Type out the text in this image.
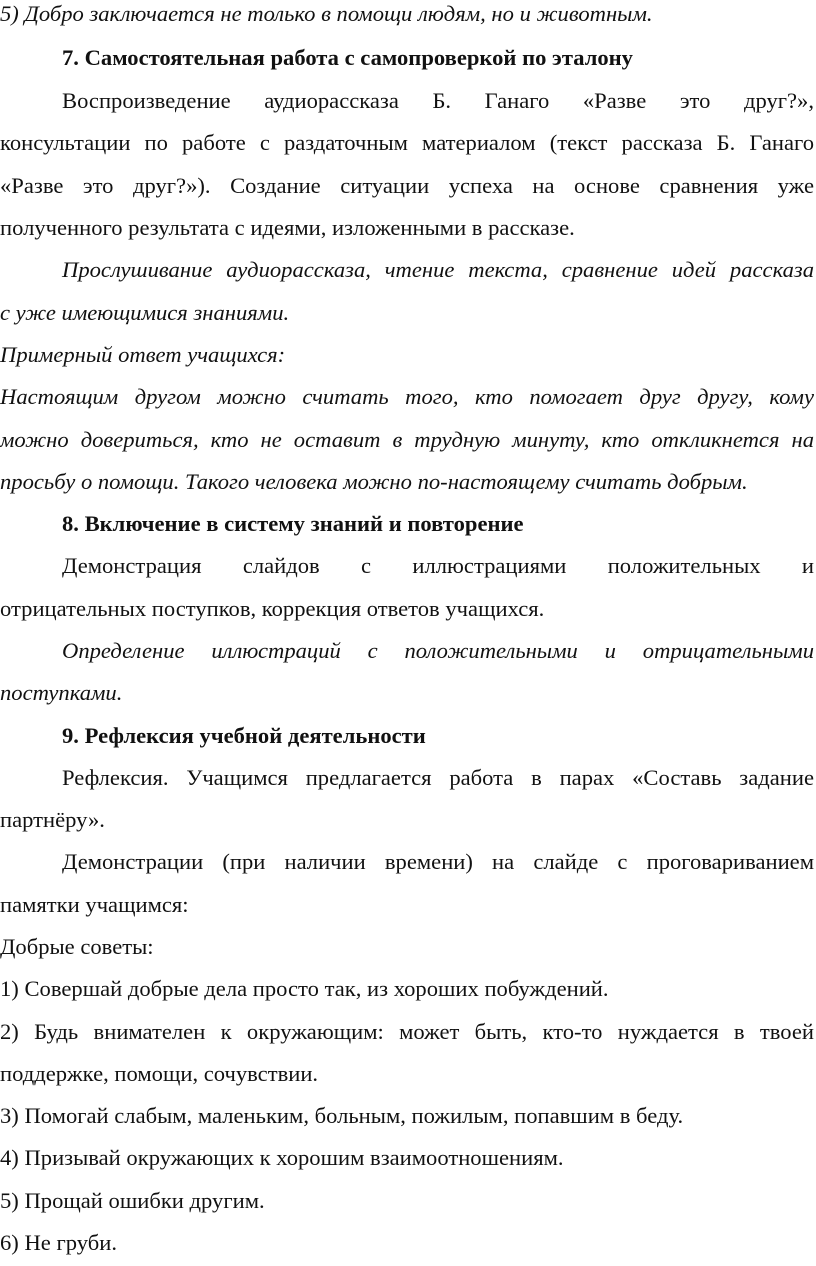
5) Добро заключается не только в помощи людям, но и животным.
7. Самостоятельная работа с самопроверкой по эталону
Воспроизведение аудиорассказа Б. Ганаго «Разве это друг?»,
консультации по работе с раздаточным материалом (текст рассказа Б. Ганаго
«Разве это друг?»). Создание ситуации успеха на основе сравнения уже
полученного результата с идеями, изложенными в рассказе.
Прослушивание аудиорассказа, чтение текста, сравнение идей рассказа
с уже имеющимися знаниями.
Примерный ответ учащихся:
Настоящим другом можно считать того, кто помогает друг другу, кому
можно довериться, кто не оставит в трудную минуту, кто откликнется на
просьбу о помощи. Такого человека можно по-настоящему считать добрым.
8. Включение в систему знаний и повторение
Демонстрация слайдов с иллюстрациями положительных и
отрицательных поступков, коррекция ответов учащихся.
Определение иллюстраций с положительными и отрицательными
поступками.
9. Рефлексия учебной деятельности
Рефлексия. Учащимся предлагается работа в парах «Составь задание
партнёру».
Демонстрации (при наличии времени) на слайде с проговариванием
памятки учащимся:
Добрые советы:
1) Совершай добрые дела просто так, из хороших побуждений.
2) Будь внимателен к окружающим: может быть, кто-то нуждается в твоей
поддержке, помощи, сочувствии.
3) Помогай слабым, маленьким, больным, пожилым, попавшим в беду.
4) Призывай окружающих к хорошим взаимоотношениям.
5) Прощай ошибки другим.
6) Не груби.
